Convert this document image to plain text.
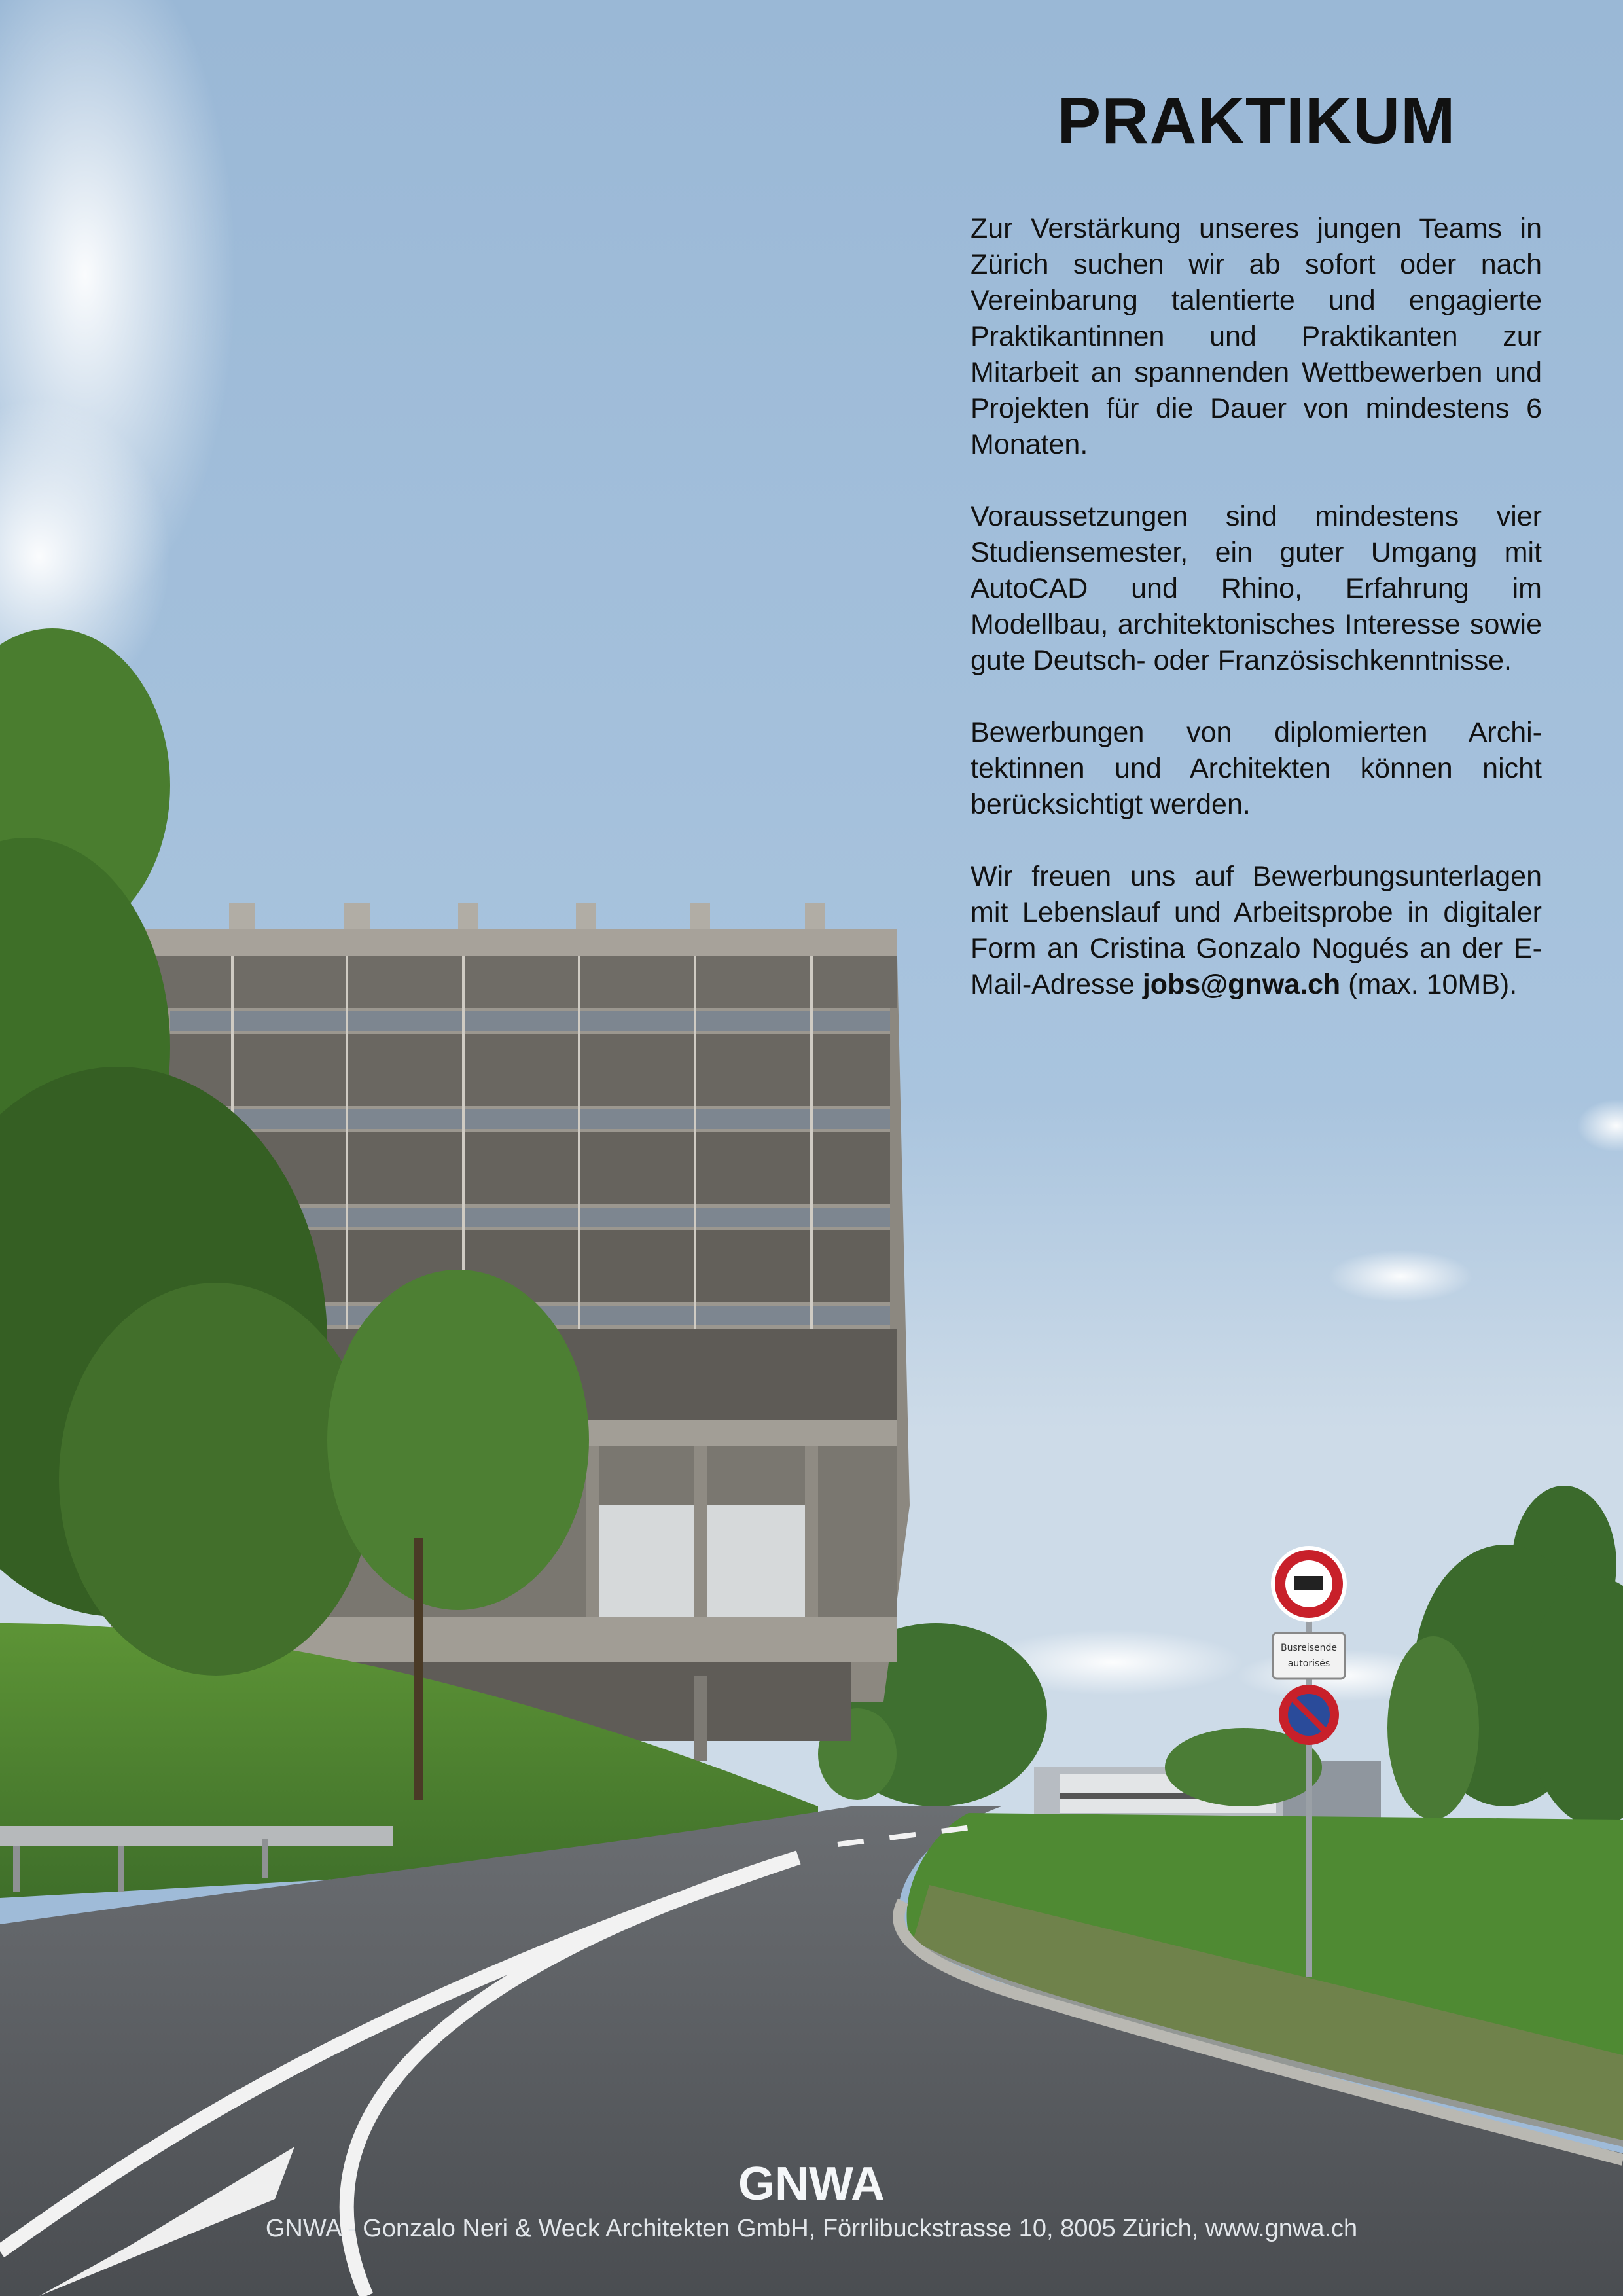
Busreisende
autorisés
PRAKTIKUM

Zur Verstärkung unseres jungen Teams in Zürich suchen wir ab sofort oder nach Vereinbarung talentierte und engagierte Praktikantinnen und Praktikanten zur Mitarbeit an spannenden Wettbewerben und Projekten für die Dauer von mindestens 6 Monaten.

Voraussetzungen sind mindestens vier Studiensemester, ein guter Umgang mit AutoCAD und Rhino, Erfahrung im Modellbau, architektonisches Interesse sowie gute Deutsch- oder Französischkenntnisse.

Bewerbungen von diplomierten Architektinnen und Architekten können nicht berücksichtigt werden.

Wir freuen uns auf Bewerbungsunterlagen mit Lebenslauf und Arbeitsprobe in digitaler Form an Cristina Gonzalo Nogués an der E-Mail-Adresse jobs@gnwa.ch (max. 10MB).

GNWA
GNWA - Gonzalo Neri & Weck Architekten GmbH, Förrlibuckstrasse 10, 8005 Zürich, www.gnwa.ch
